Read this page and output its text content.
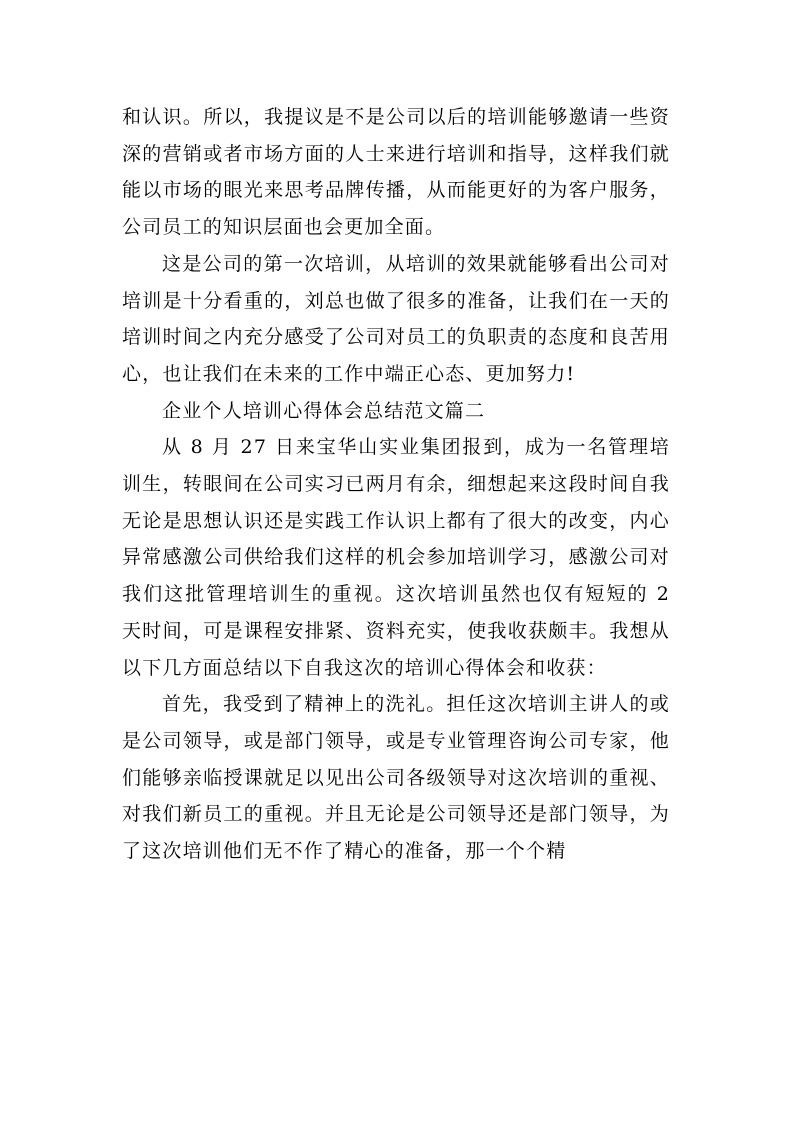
和认识。所以，我提议是不是公司以后的培训能够邀请一些资深的营销或者市场方面的人士来进行培训和指导，这样我们就能以市场的眼光来思考品牌传播，从而能更好的为客户服务，公司员工的知识层面也会更加全面。

这是公司的第一次培训，从培训的效果就能够看出公司对培训是十分看重的，刘总也做了很多的准备，让我们在一天的培训时间之内充分感受了公司对员工的负职责的态度和良苦用心，也让我们在未来的工作中端正心态、更加努力!

企业个人培训心得体会总结范文篇二

从 8 月 27 日来宝华山实业集团报到，成为一名管理培训生，转眼间在公司实习已两月有余，细想起来这段时间自我无论是思想认识还是实践工作认识上都有了很大的改变，内心异常感激公司供给我们这样的机会参加培训学习，感激公司对我们这批管理培训生的重视。这次培训虽然也仅有短短的 2 天时间，可是课程安排紧、资料充实，使我收获颇丰。我想从以下几方面总结以下自我这次的培训心得体会和收获：

首先，我受到了精神上的洗礼。担任这次培训主讲人的或是公司领导，或是部门领导，或是专业管理咨询公司专家，他们能够亲临授课就足以见出公司各级领导对这次培训的重视、对我们新员工的重视。并且无论是公司领导还是部门领导，为了这次培训他们无不作了精心的准备，那一个个精
